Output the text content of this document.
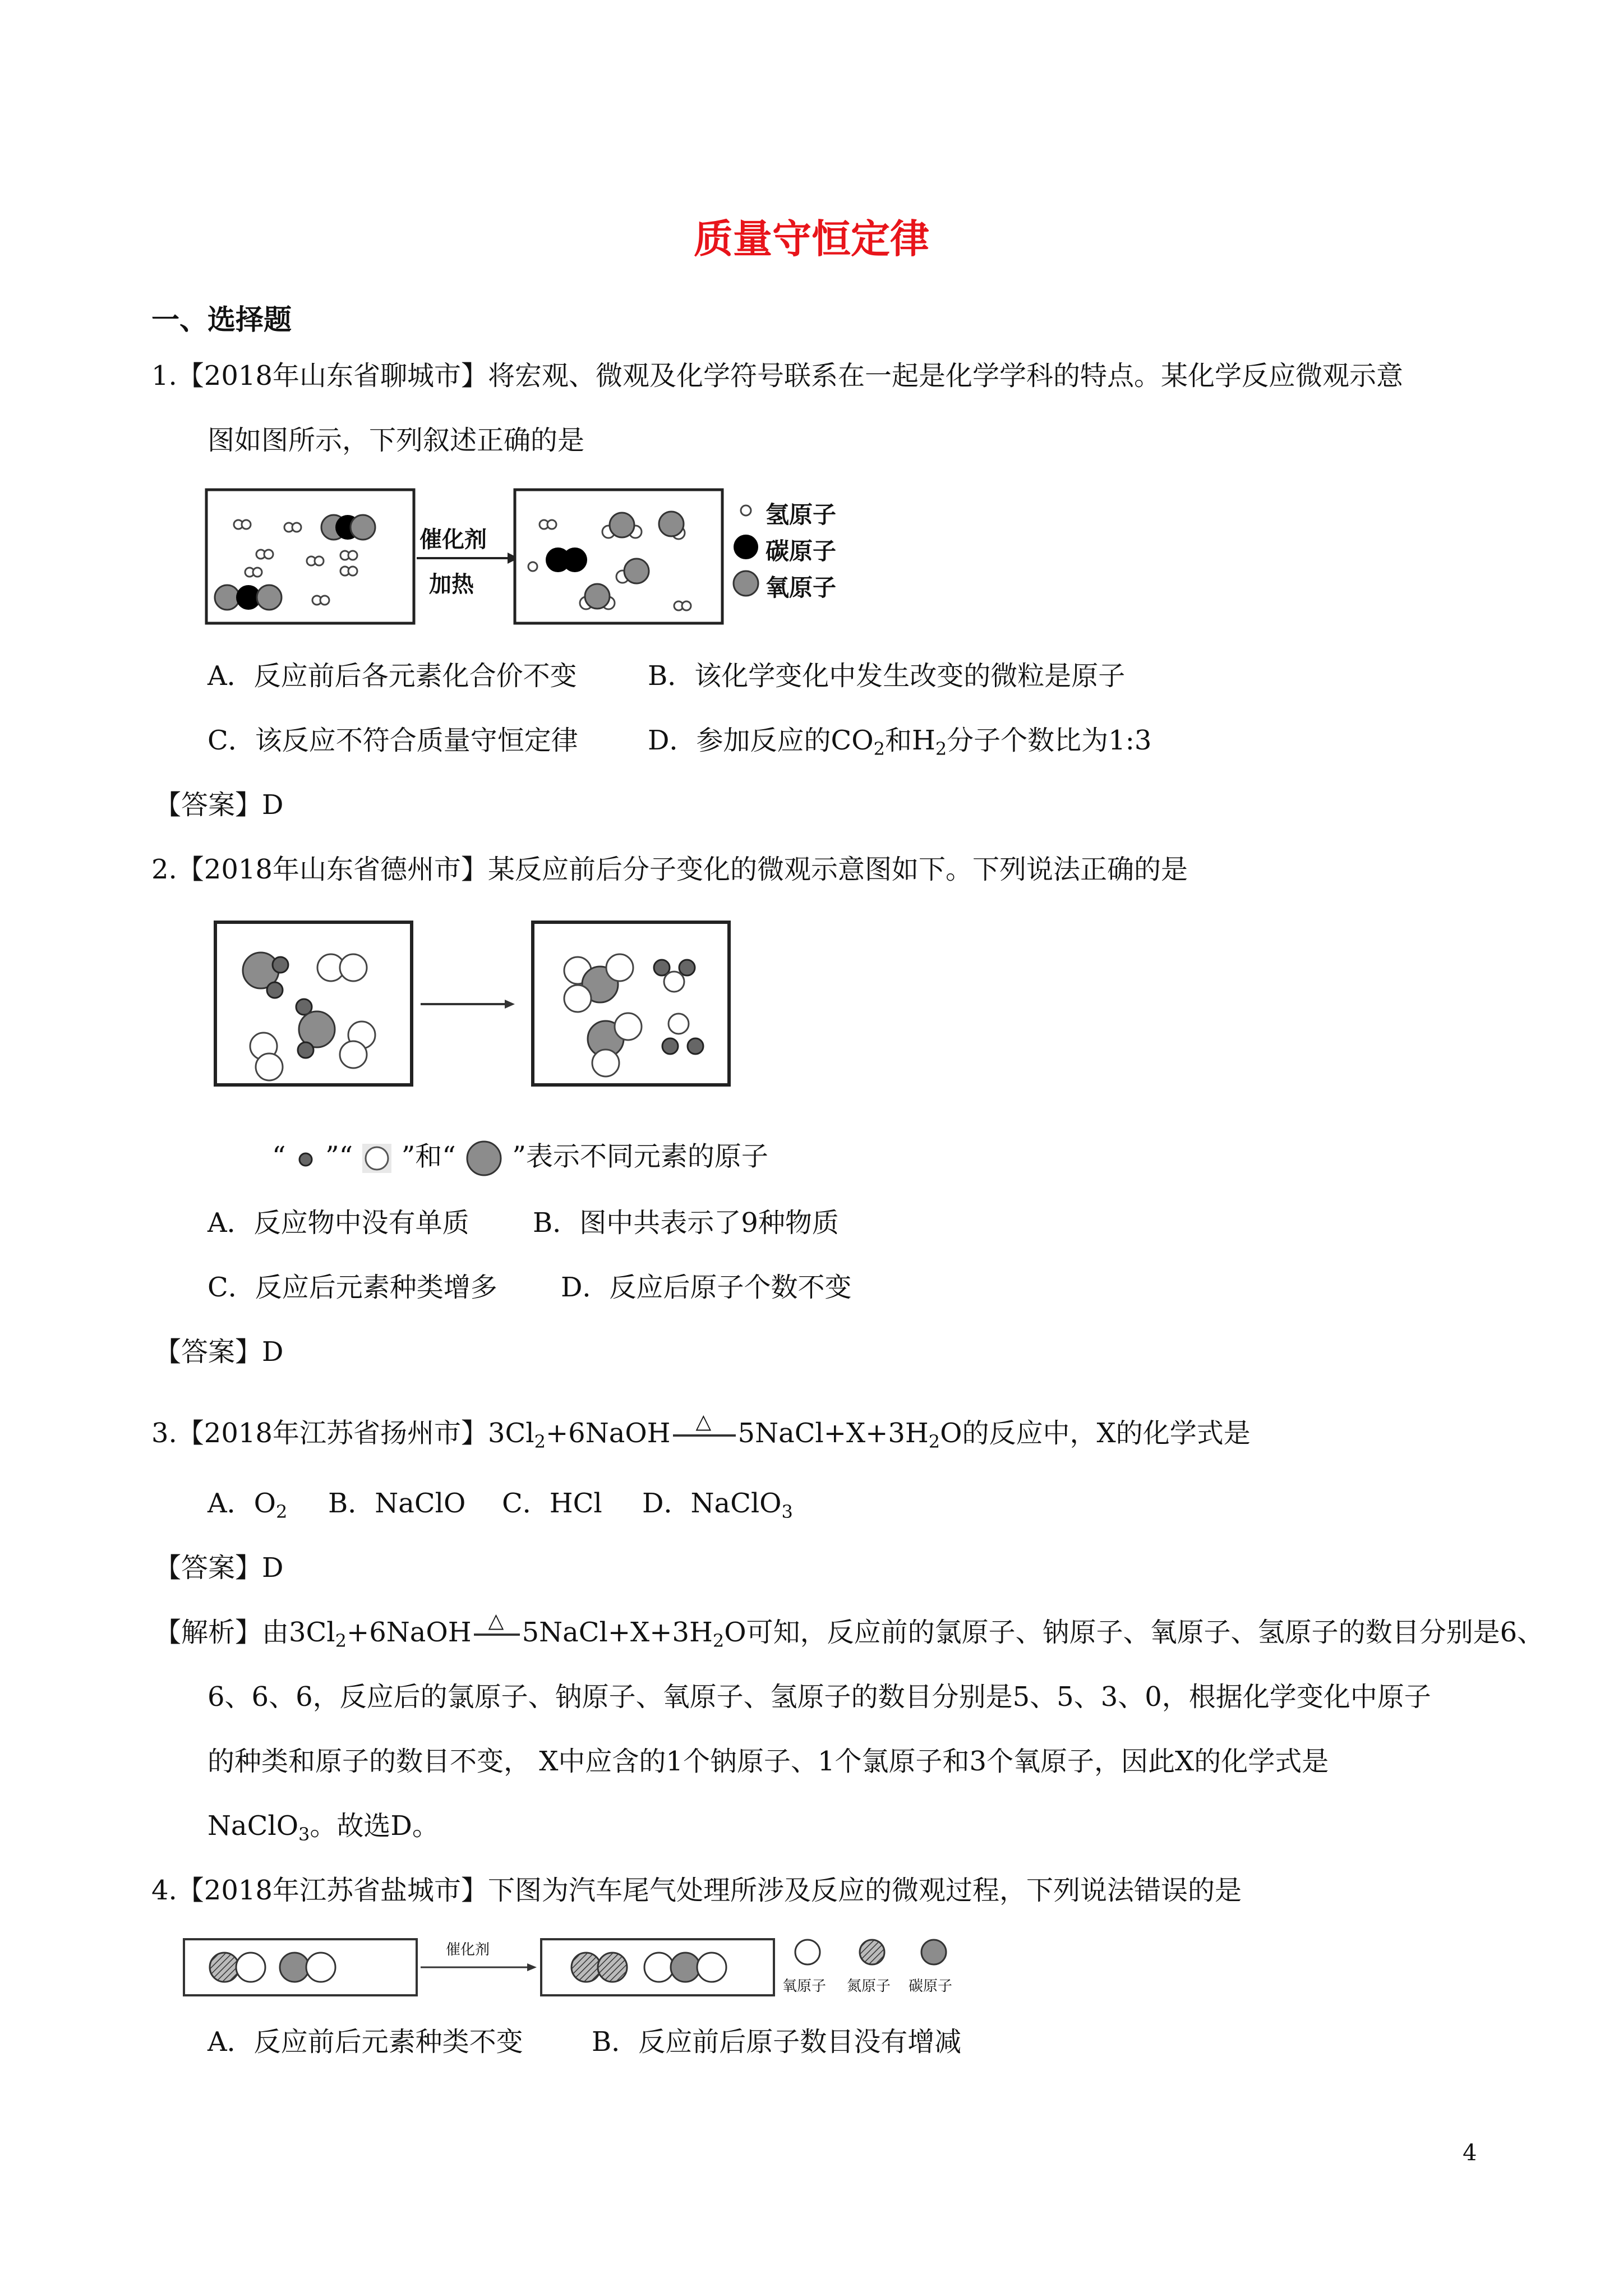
质量守恒定律
一、选择题
1.【2018年山东省聊城市】将宏观、微观及化学符号联系在一起是化学学科的特点。某化学反应微观示意
图如图所示，下列叙述正确的是
催化剂
加热
氢原子
碳原子
氧原子
A．反应前后各元素化合价不变	B．该化学变化中发生改变的微粒是原子
C．该反应不符合质量守恒定律	D．参加反应的$CO_2$和$H_2$分子个数比为1:3
【答案】D
2.【2018年山东省德州市】某反应前后分子变化的微观示意图如下。下列说法正确的是
“ ”“ ”和“ ”表示不同元素的原子
A．反应物中没有单质 B．图中共表示了9种物质
C．反应后元素种类增多 D．反应后原子个数不变
【答案】D
3.【2018年江苏省扬州市】$3Cl_2+6NaOH$ △ $5NaCl+X+3H_2O$的反应中，X的化学式是
A．$O_2$ B．NaClO C．HCl D．NaClO$_3$
【答案】D
【解析】由$3Cl_2+6NaOH$ △ $5NaCl+X+3H_2O$可知，反应前的氯原子、钠原子、氧原子、氢原子的数目分别是6、
6、6、6，反应后的氯原子、钠原子、氧原子、氢原子的数目分别是5、5、3、0，根据化学变化中原子
的种类和原子的数目不变， X中应含的1个钠原子、1个氯原子和3个氧原子，因此X的化学式是
NaClO$_3$。故选D。
4.【2018年江苏省盐城市】下图为汽车尾气处理所涉及反应的微观过程，下列说法错误的是
催化剂
氧原子 氮原子 碳原子
A．反应前后元素种类不变	B．反应前后原子数目没有增减
4
